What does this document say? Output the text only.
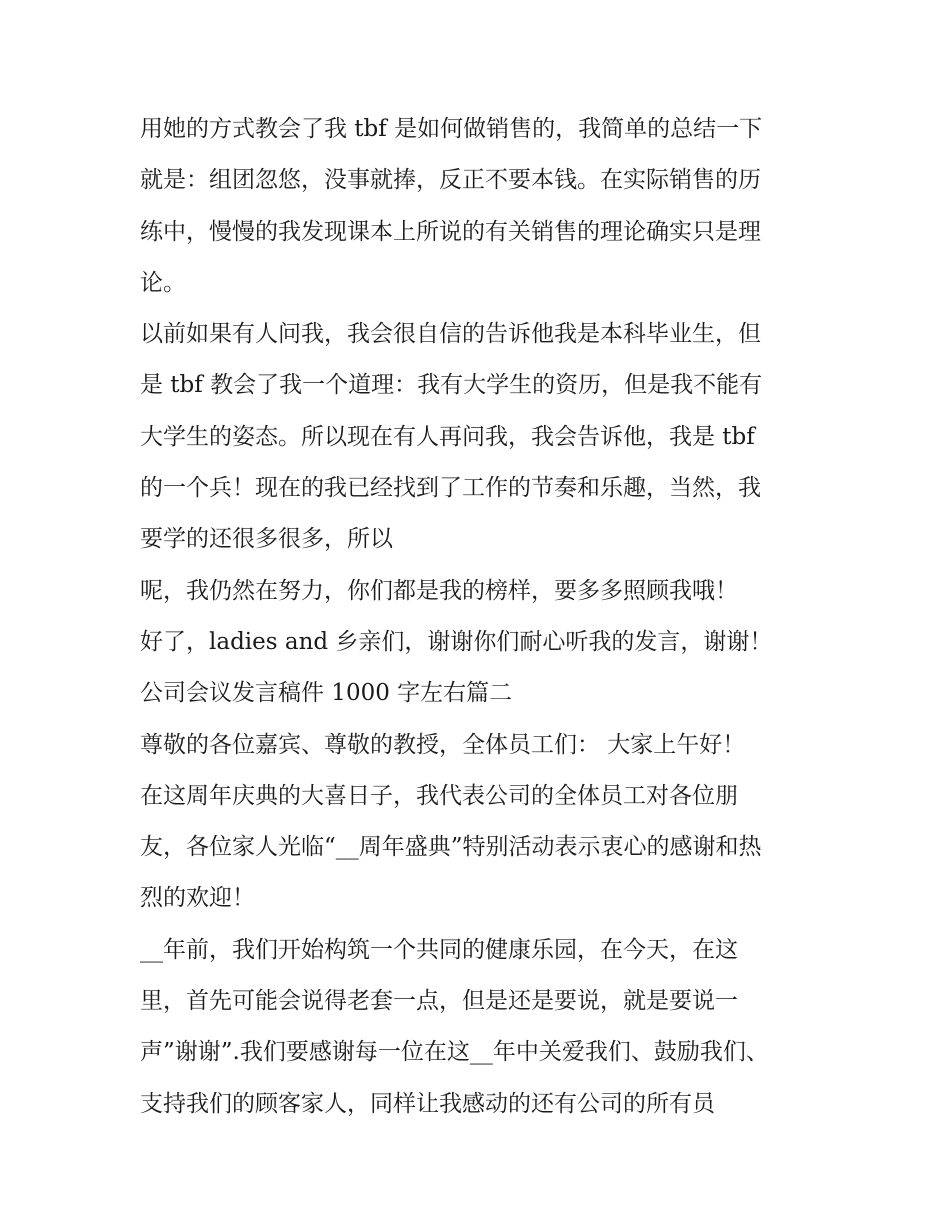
用她的方式教会了我 tbf 是如何做销售的，我简单的总结一下
就是：组团忽悠，没事就捧，反正不要本钱。在实际销售的历
练中，慢慢的我发现课本上所说的有关销售的理论确实只是理
论。
以前如果有人问我，我会很自信的告诉他我是本科毕业生，但
是 tbf 教会了我一个道理：我有大学生的资历，但是我不能有
大学生的姿态。所以现在有人再问我，我会告诉他，我是 tbf
的一个兵！现在的我已经找到了工作的节奏和乐趣，当然，我
要学的还很多很多，所以
呢，我仍然在努力，你们都是我的榜样，要多多照顾我哦！
好了，ladies and 乡亲们，谢谢你们耐心听我的发言，谢谢！
公司会议发言稿件 1000 字左右篇二
尊敬的各位嘉宾、尊敬的教授，全体员工们： 大家上午好！
在这周年庆典的大喜日子，我代表公司的全体员工对各位朋
友，各位家人光临“__周年盛典”特别活动表示衷心的感谢和热
烈的欢迎！
__年前，我们开始构筑一个共同的健康乐园，在今天，在这
里，首先可能会说得老套一点，但是还是要说，就是要说一
声”谢谢”.我们要感谢每一位在这__年中关爱我们、鼓励我们、
支持我们的顾客家人，同样让我感动的还有公司的所有员
